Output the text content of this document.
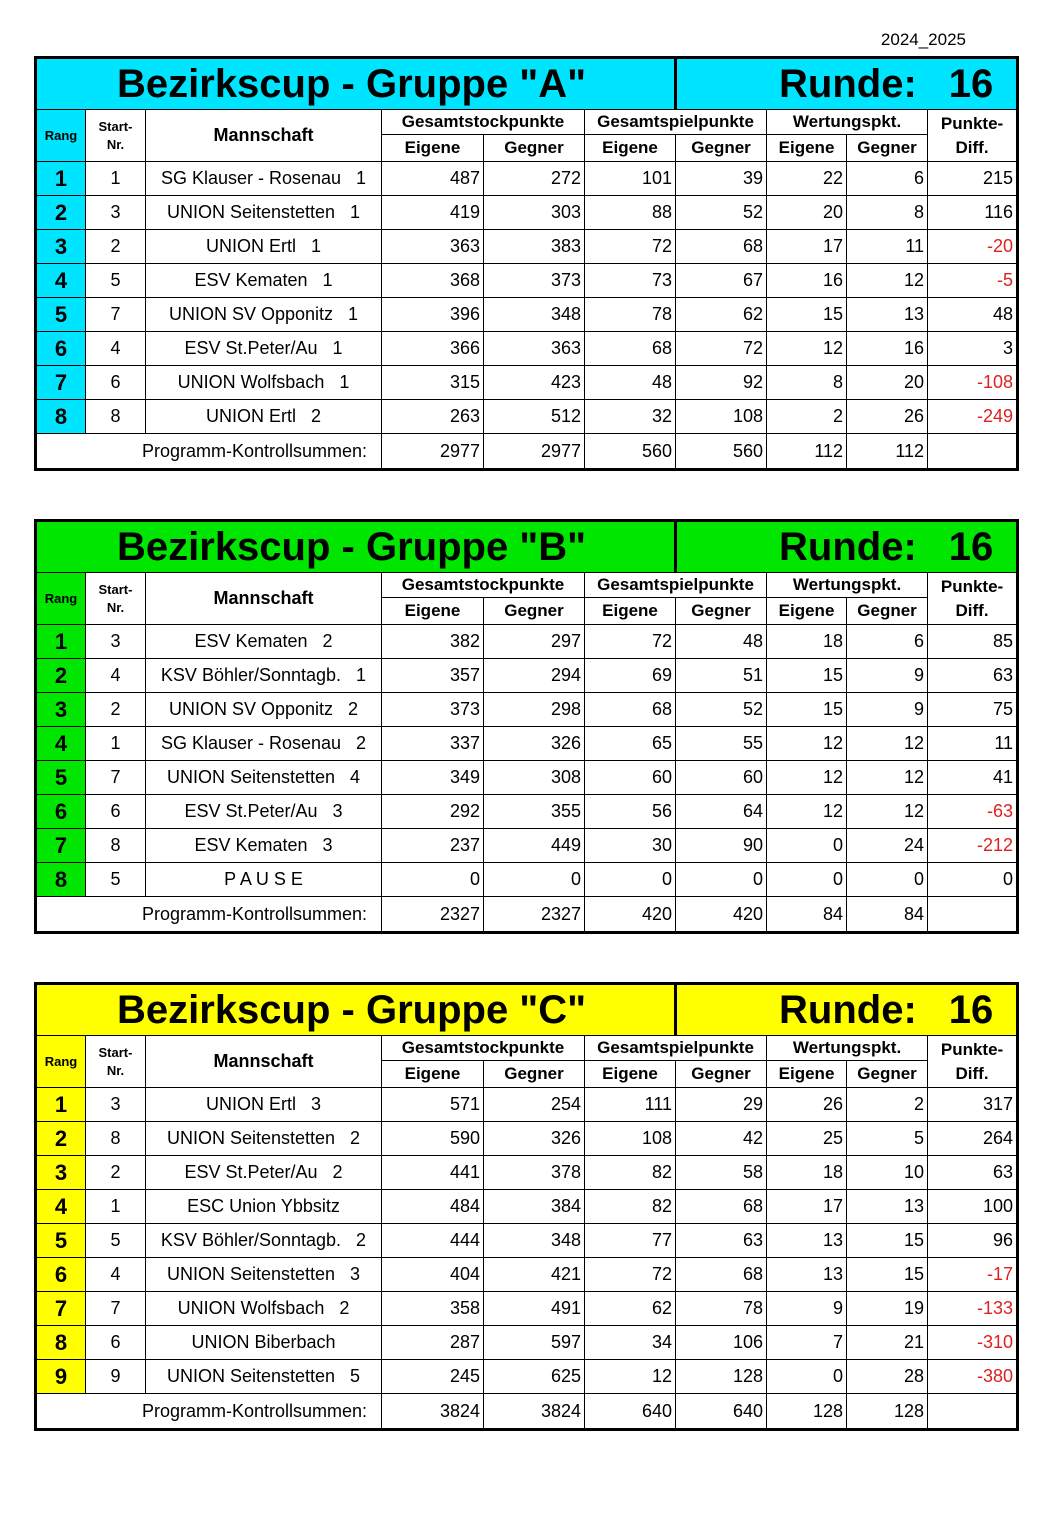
2024_2025
Bezirkscup - Gruppe "A"						Runde: 16			
Rang	Start-
Nr.	Mannschaft	Gesamtstockpunkte		Gesamtspielpunkte		Wertungspkt.		Punkte-
Diff.
			Eigene	Gegner	Eigene	Gegner	Eigene	Gegner	
1	1	SG Klauser - Rosenau   1	487	272	101	39	22	6	215
2	3	UNION Seitenstetten   1	419	303	88	52	20	8	116
3	2	UNION Ertl   1	363	383	72	68	17	11	-20
4	5	ESV Kematen   1	368	373	73	67	16	12	-5
5	7	UNION SV Opponitz   1	396	348	78	62	15	13	48
6	4	ESV St.Peter/Au   1	366	363	68	72	12	16	3
7	6	UNION Wolfsbach   1	315	423	48	92	8	20	-108
8	8	UNION Ertl   2	263	512	32	108	2	26	-249
Programm-Kontrollsummen:			2977	2977	560	560	112	112	
Bezirkscup - Gruppe "B"						Runde: 16			
Rang	Start-
Nr.	Mannschaft	Gesamtstockpunkte		Gesamtspielpunkte		Wertungspkt.		Punkte-
Diff.
			Eigene	Gegner	Eigene	Gegner	Eigene	Gegner	
1	3	ESV Kematen   2	382	297	72	48	18	6	85
2	4	KSV Böhler/Sonntagb.   1	357	294	69	51	15	9	63
3	2	UNION SV Opponitz   2	373	298	68	52	15	9	75
4	1	SG Klauser - Rosenau   2	337	326	65	55	12	12	11
5	7	UNION Seitenstetten   4	349	308	60	60	12	12	41
6	6	ESV St.Peter/Au   3	292	355	56	64	12	12	-63
7	8	ESV Kematen   3	237	449	30	90	0	24	-212
8	5	P A U S E	0	0	0	0	0	0	0
Programm-Kontrollsummen:			2327	2327	420	420	84	84	
Bezirkscup - Gruppe "C"						Runde: 16			
Rang	Start-
Nr.	Mannschaft	Gesamtstockpunkte		Gesamtspielpunkte		Wertungspkt.		Punkte-
Diff.
			Eigene	Gegner	Eigene	Gegner	Eigene	Gegner	
1	3	UNION Ertl   3	571	254	111	29	26	2	317
2	8	UNION Seitenstetten   2	590	326	108	42	25	5	264
3	2	ESV St.Peter/Au   2	441	378	82	58	18	10	63
4	1	ESC Union Ybbsitz	484	384	82	68	17	13	100
5	5	KSV Böhler/Sonntagb.   2	444	348	77	63	13	15	96
6	4	UNION Seitenstetten   3	404	421	72	68	13	15	-17
7	7	UNION Wolfsbach   2	358	491	62	78	9	19	-133
8	6	UNION Biberbach	287	597	34	106	7	21	-310
9	9	UNION Seitenstetten   5	245	625	12	128	0	28	-380
Programm-Kontrollsummen:			3824	3824	640	640	128	128	
